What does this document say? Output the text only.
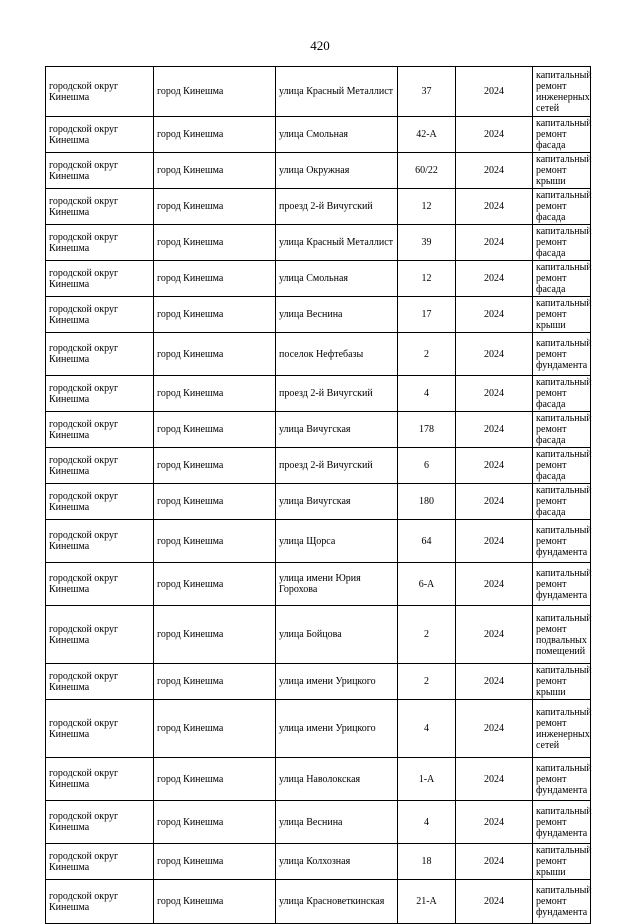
420
городской округ Кинешма	город Кинешма	улица Красный Металлист	37	2024	капитальный ремонт инженерных сетей
городской округ Кинешма	город Кинешма	улица Смольная	42-А	2024	капитальный ремонт фасада
городской округ Кинешма	город Кинешма	улица Окружная	60/22	2024	капитальный ремонт крыши
городской округ Кинешма	город Кинешма	проезд 2-й Вичугский	12	2024	капитальный ремонт фасада
городской округ Кинешма	город Кинешма	улица Красный Металлист	39	2024	капитальный ремонт фасада
городской округ Кинешма	город Кинешма	улица Смольная	12	2024	капитальный ремонт фасада
городской округ Кинешма	город Кинешма	улица Веснина	17	2024	капитальный ремонт крыши
городской округ Кинешма	город Кинешма	поселок Нефтебазы	2	2024	капитальный ремонт фундамента
городской округ Кинешма	город Кинешма	проезд 2-й Вичугский	4	2024	капитальный ремонт фасада
городской округ Кинешма	город Кинешма	улица Вичугская	178	2024	капитальный ремонт фасада
городской округ Кинешма	город Кинешма	проезд 2-й Вичугский	6	2024	капитальный ремонт фасада
городской округ Кинешма	город Кинешма	улица Вичугская	180	2024	капитальный ремонт фасада
городской округ Кинешма	город Кинешма	улица Щорса	64	2024	капитальный ремонт фундамента
городской округ Кинешма	город Кинешма	улица имени Юрия Горохова	6-А	2024	капитальный ремонт фундамента
городской округ Кинешма	город Кинешма	улица Бойцова	2	2024	капитальный ремонт подвальных помещений
городской округ Кинешма	город Кинешма	улица имени Урицкого	2	2024	капитальный ремонт крыши
городской округ Кинешма	город Кинешма	улица имени Урицкого	4	2024	капитальный ремонт инженерных сетей
городской округ Кинешма	город Кинешма	улица Наволокская	1-А	2024	капитальный ремонт фундамента
городской округ Кинешма	город Кинешма	улица Веснина	4	2024	капитальный ремонт фундамента
городской округ Кинешма	город Кинешма	улица Колхозная	18	2024	капитальный ремонт крыши
городской округ Кинешма	город Кинешма	улица Красноветкинская	21-А	2024	капитальный ремонт фундамента
